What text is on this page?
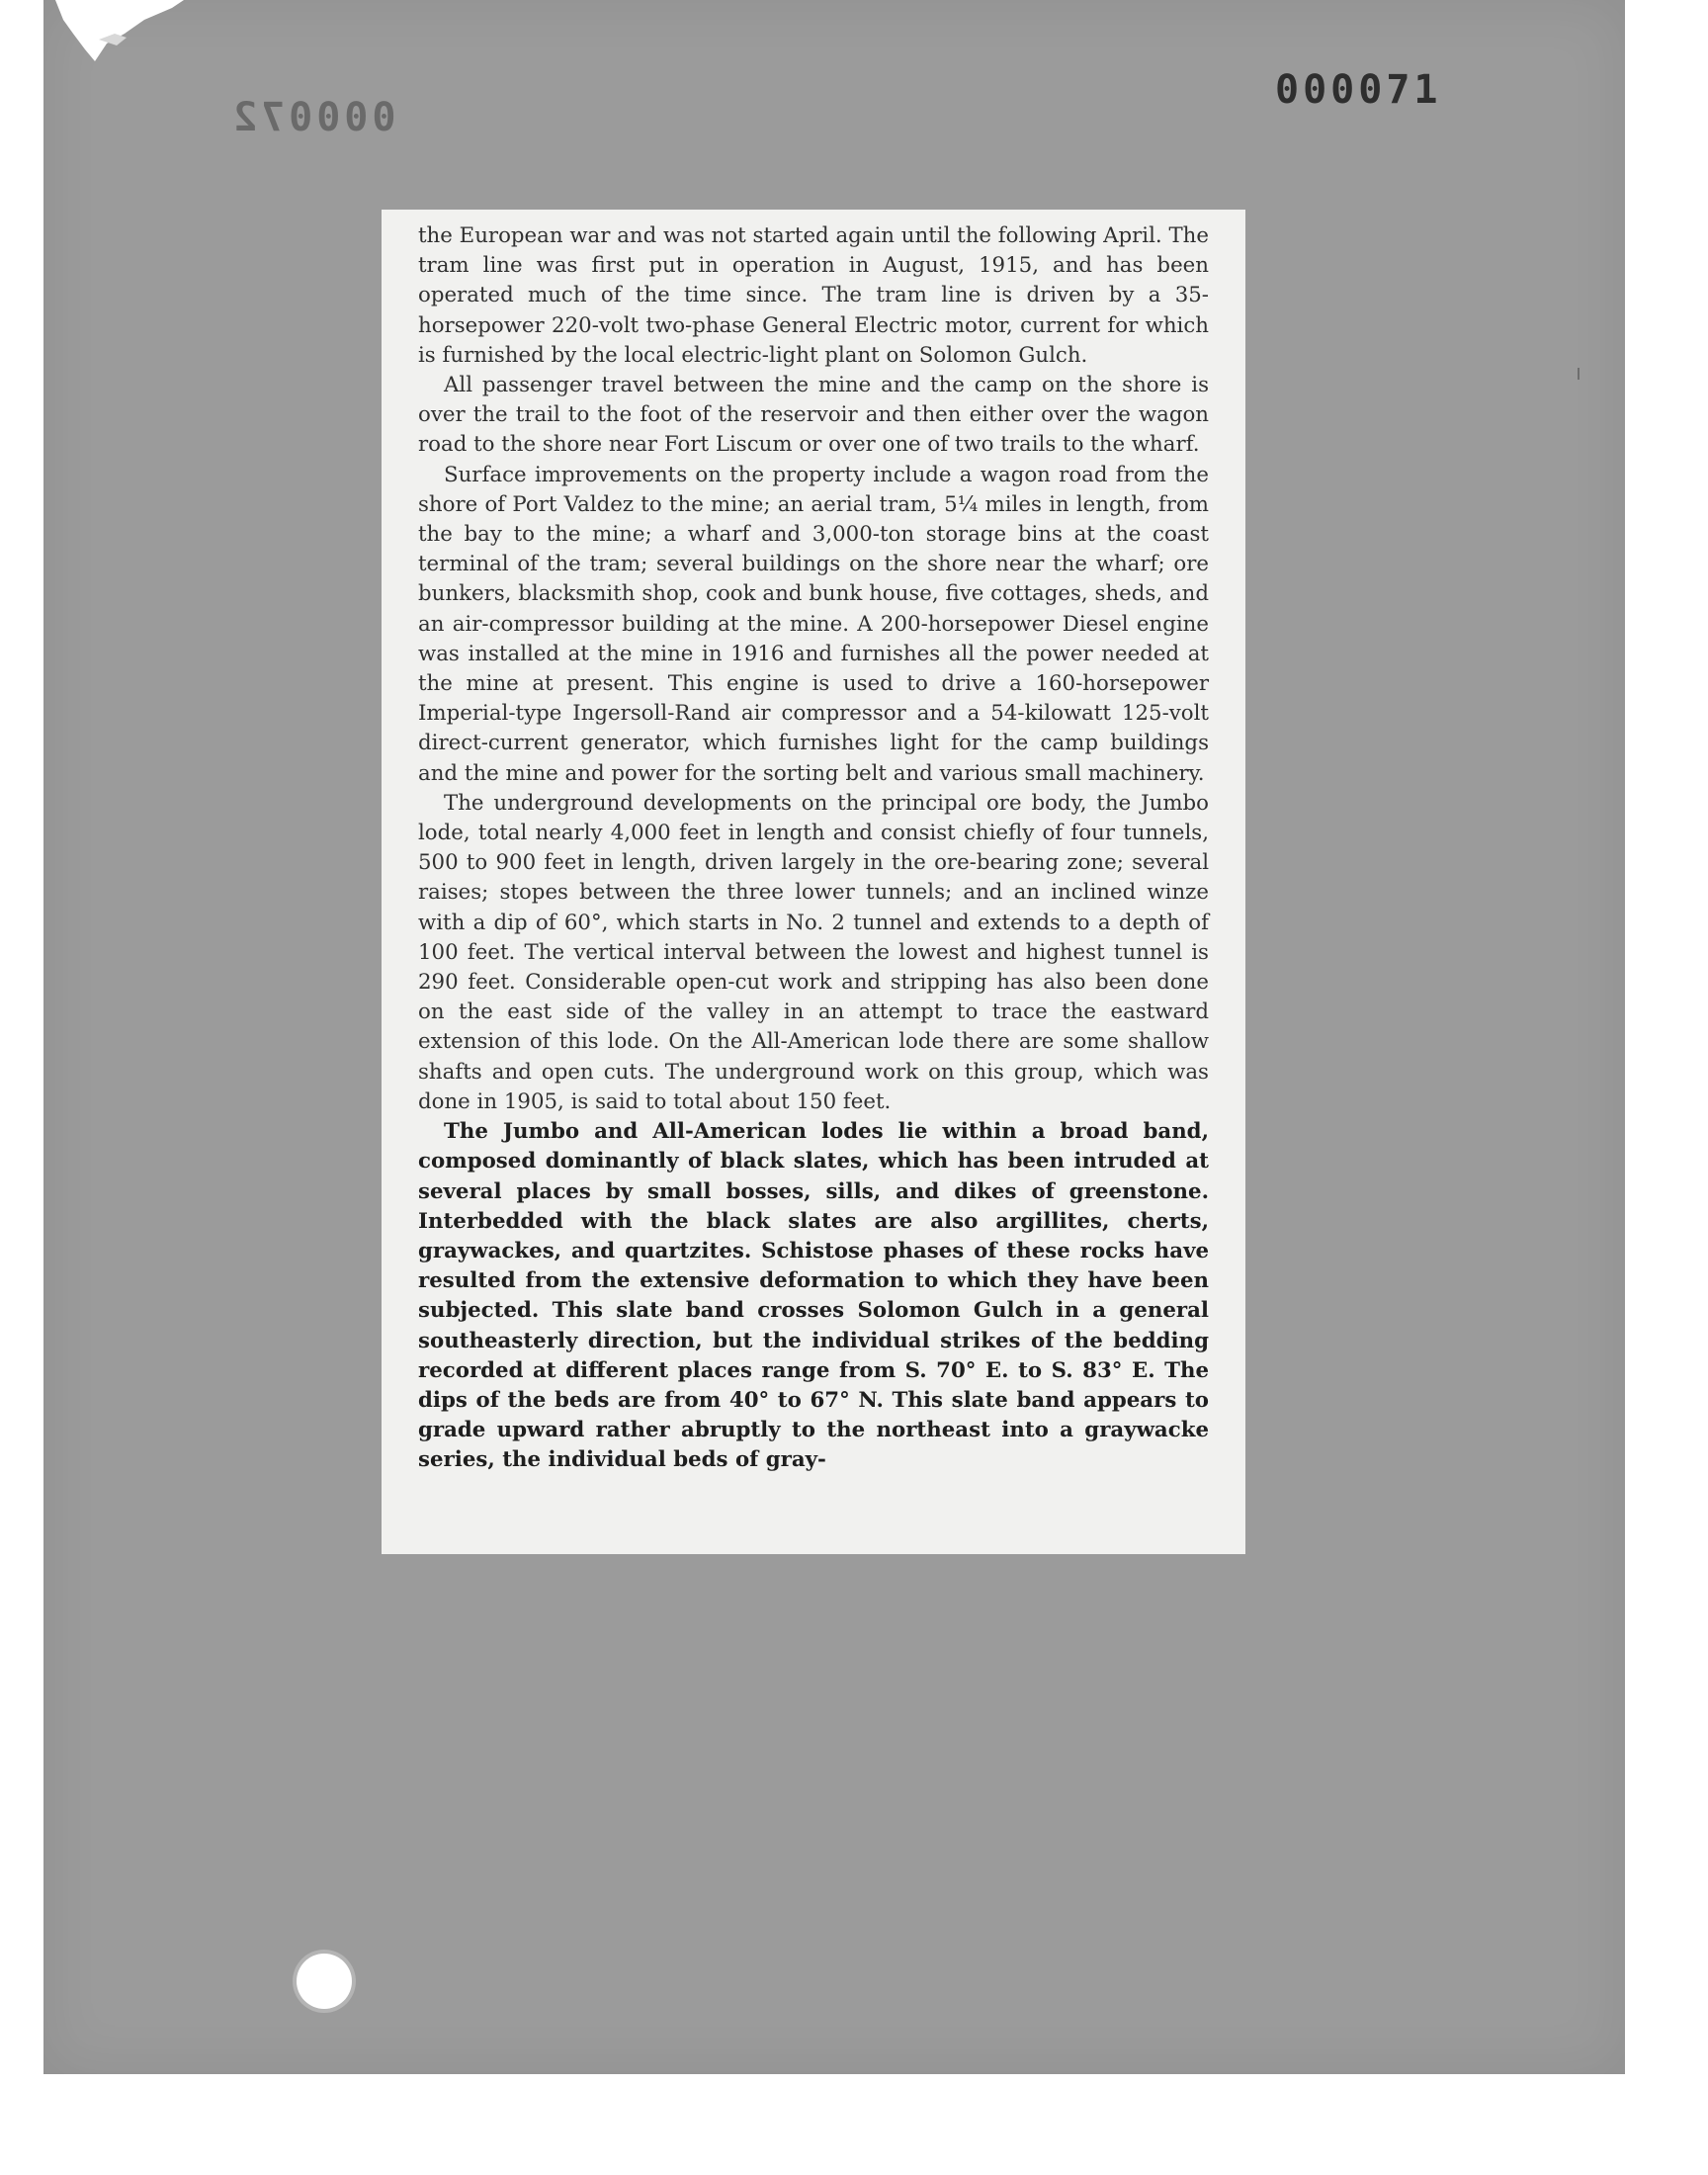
000071
000072

the European war and was not started again until the following April. The tram line was first put in operation in August, 1915, and has been operated much of the time since. The tram line is driven by a 35-horsepower 220-volt two-phase General Electric motor, current for which is furnished by the local electric-light plant on Solomon Gulch.

All passenger travel between the mine and the camp on the shore is over the trail to the foot of the reservoir and then either over the wagon road to the shore near Fort Liscum or over one of two trails to the wharf.

Surface improvements on the property include a wagon road from the shore of Port Valdez to the mine; an aerial tram, 5¼ miles in length, from the bay to the mine; a wharf and 3,000-ton storage bins at the coast terminal of the tram; several buildings on the shore near the wharf; ore bunkers, blacksmith shop, cook and bunk house, five cottages, sheds, and an air-compressor building at the mine. A 200-horsepower Diesel engine was installed at the mine in 1916 and furnishes all the power needed at the mine at present. This engine is used to drive a 160-horsepower Imperial-type Ingersoll-Rand air compressor and a 54-kilowatt 125-volt direct-current generator, which furnishes light for the camp buildings and the mine and power for the sorting belt and various small machinery.

The underground developments on the principal ore body, the Jumbo lode, total nearly 4,000 feet in length and consist chiefly of four tunnels, 500 to 900 feet in length, driven largely in the ore-bearing zone; several raises; stopes between the three lower tunnels; and an inclined winze with a dip of 60°, which starts in No. 2 tunnel and extends to a depth of 100 feet. The vertical interval between the lowest and highest tunnel is 290 feet. Considerable open-cut work and stripping has also been done on the east side of the valley in an attempt to trace the eastward extension of this lode. On the All-American lode there are some shallow shafts and open cuts. The underground work on this group, which was done in 1905, is said to total about 150 feet.

The Jumbo and All-American lodes lie within a broad band, composed dominantly of black slates, which has been intruded at several places by small bosses, sills, and dikes of greenstone. Interbedded with the black slates are also argillites, cherts, graywackes, and quartzites. Schistose phases of these rocks have resulted from the extensive deformation to which they have been subjected. This slate band crosses Solomon Gulch in a general southeasterly direction, but the individual strikes of the bedding recorded at different places range from S. 70° E. to S. 83° E. The dips of the beds are from 40° to 67° N. This slate band appears to grade upward rather abruptly to the northeast into a graywacke series, the individual beds of gray-
